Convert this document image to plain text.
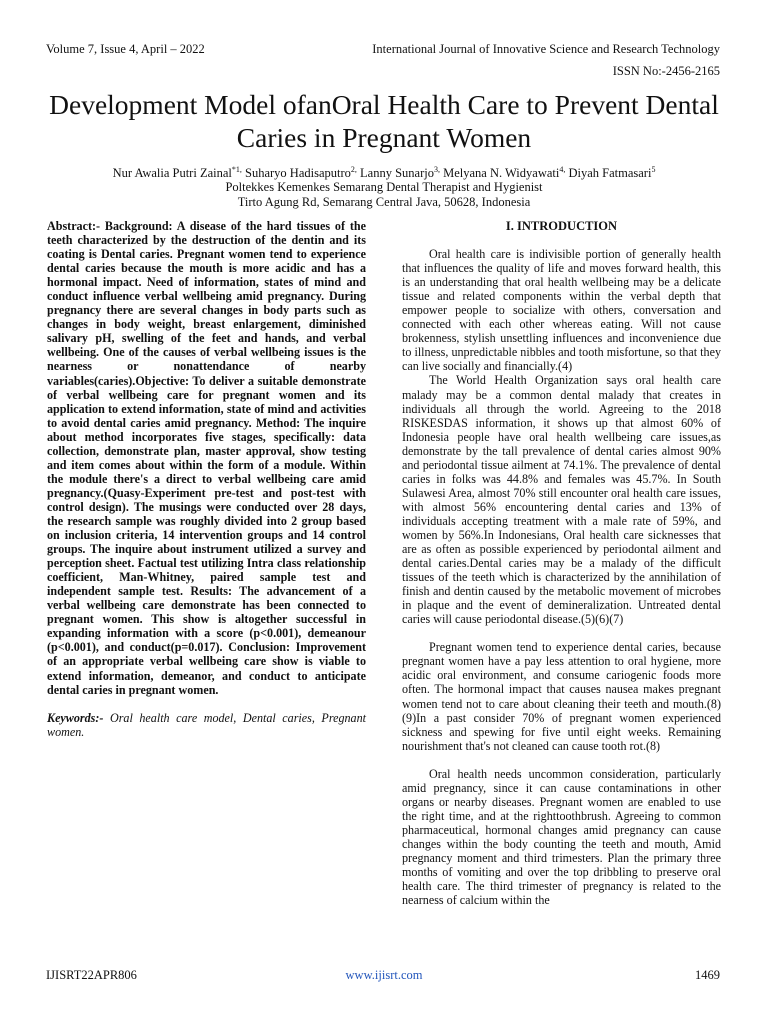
Volume 7, Issue 4, April – 2022	International Journal of Innovative Science and Research Technology
ISSN No:-2456-2165
Development Model ofanOral Health Care to Prevent Dental Caries in Pregnant Women
Nur Awalia Putri Zainal$^{*1,}$ Suharyo Hadisaputro$^{2,}$ Lanny Sunarjo$^{3,}$ Melyana N. Widyawati$^{4,}$ Diyah Fatmasari$^5$
Poltekkes Kemenkes Semarang Dental Therapist and Hygienist
Tirto Agung Rd, Semarang Central Java, 50628, Indonesia

Abstract:- Background: A disease of the hard tissues of the teeth characterized by the destruction of the dentin and its coating is Dental caries. Pregnant women tend to experience dental caries because the mouth is more acidic and has a hormonal impact. Need of information, states of mind and conduct influence verbal wellbeing amid pregnancy. During pregnancy there are several changes in body parts such as changes in body weight, breast enlargement, diminished salivary pH, swelling of the feet and hands, and verbal wellbeing. One of the causes of verbal wellbeing issues is the nearness or nonattendance of nearby variables(caries).Objective: To deliver a suitable demonstrate of verbal wellbeing care for pregnant women and its application to extend information, state of mind and activities to avoid dental caries amid pregnancy. Method: The inquire about method incorporates five stages, specifically: data collection, demonstrate plan, master approval, show testing and item comes about within the form of a module. Within the module there's a direct to verbal wellbeing care amid pregnancy.(Quasy-Experiment pre-test and post-test with control design). The musings were conducted over 28 days, the research sample was roughly divided into 2 group based on inclusion criteria, 14 intervention groups and 14 control groups. The inquire about instrument utilized a survey and perception sheet. Factual test utilizing Intra class relationship coefficient, Man-Whitney, paired sample test and independent sample test. Results: The advancement of a verbal wellbeing care demonstrate has been connected to pregnant women. This show is altogether successful in expanding information with a score (p<0.001), demeanour (p<0.001), and conduct(p=0.017). Conclusion: Improvement of an appropriate verbal wellbeing care show is viable to extend information, demeanor, and conduct to anticipate dental caries in pregnant women.

Keywords:- Oral health care model, Dental caries, Pregnant women.

I. INTRODUCTION

Oral health care is indivisible portion of generally health that influences the quality of life and moves forward health, this is an understanding that oral health wellbeing may be a delicate tissue and related components within the verbal depth that empower people to socialize with others, conversation and connected with each other whereas eating. Will not cause brokenness, stylish unsettling influences and inconvenience due to illness, unpredictable nibbles and tooth misfortune, so that they can live socially and financially.(4)

The World Health Organization says oral health care malady may be a common dental malady that creates in individuals all through the world. Agreeing to the 2018 RISKESDAS information, it shows up that almost 60% of Indonesia people have oral health wellbeing care issues,as demonstrate by the tall prevalence of dental caries almost 90% and periodontal tissue ailment at 74.1%. The prevalence of dental caries in folks was 44.8% and females was 45.7%. In South Sulawesi Area, almost 70% still encounter oral health care issues, with almost 56% encountering dental caries and 13% of individuals accepting treatment with a male rate of 59%, and women by 56%.In Indonesians, Oral health care sicknesses that are as often as possible experienced by periodontal ailment and dental caries.Dental caries may be a malady of the difficult tissues of the teeth which is characterized by the annihilation of finish and dentin caused by the metabolic movement of microbes in plaque and the event of demineralization. Untreated dental caries will cause periodontal disease.(5)(6)(7)

Pregnant women tend to experience dental caries, because pregnant women have a pay less attention to oral hygiene, more acidic oral environment, and consume cariogenic foods more often. The hormonal impact that causes nausea makes pregnant women tend not to care about cleaning their teeth and mouth.(8)(9)In a past consider 70% of pregnant women experienced sickness and spewing for five until eight weeks. Remaining nourishment that's not cleaned can cause tooth rot.(8)

Oral health needs uncommon consideration, particularly amid pregnancy, since it can cause contaminations in other organs or nearby diseases. Pregnant women are enabled to use the right time, and at the righttoothbrush. Agreeing to common pharmaceutical, hormonal changes amid pregnancy can cause changes within the body counting the teeth and mouth, Amid pregnancy moment and third trimesters. Plan the primary three months of vomiting and over the top dribbling to preserve oral health care. The third trimester of pregnancy is related to the nearness of calcium within the

IJISRT22APR806	www.ijisrt.com	1469
